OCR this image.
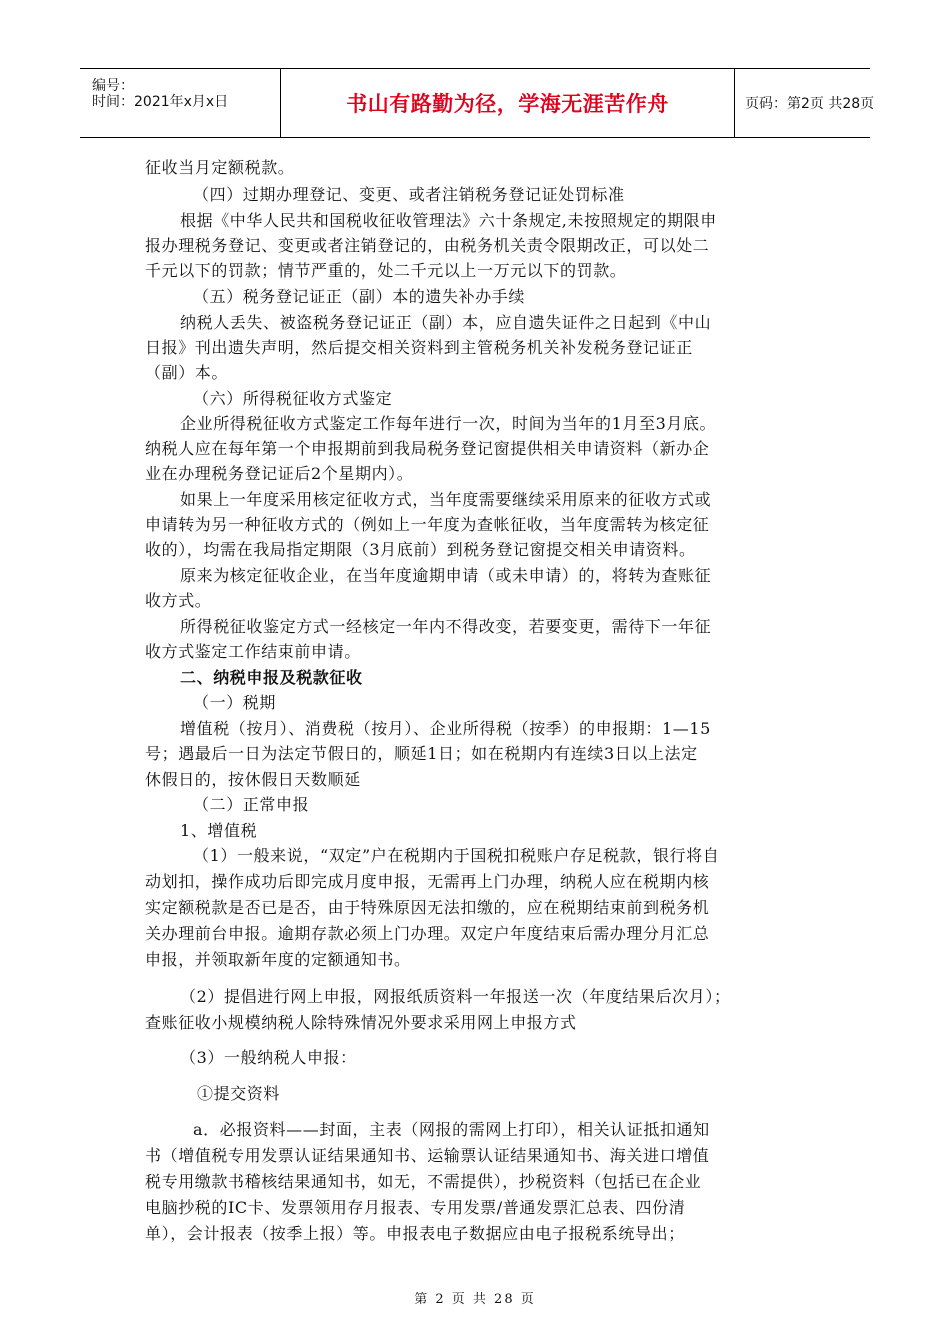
编号：
时间：2021年x月x日	书山有路勤为径，学海无涯苦作舟	页码：第2页 共28页
征收当月定额税款。
（四）过期办理登记、变更、或者注销税务登记证处罚标准
根据《中华人民共和国税收征收管理法》六十条规定,未按照规定的期限申
报办理税务登记、变更或者注销登记的，由税务机关责令限期改正，可以处二
千元以下的罚款；情节严重的，处二千元以上一万元以下的罚款。
（五）税务登记证正（副）本的遗失补办手续
纳税人丢失、被盗税务登记证正（副）本，应自遗失证件之日起到《中山
日报》刊出遗失声明，然后提交相关资料到主管税务机关补发税务登记证正
（副）本。
（六）所得税征收方式鉴定
企业所得税征收方式鉴定工作每年进行一次，时间为当年的1月至3月底。
纳税人应在每年第一个申报期前到我局税务登记窗提供相关申请资料（新办企
业在办理税务登记证后2个星期内）。
如果上一年度采用核定征收方式，当年度需要继续采用原来的征收方式或
申请转为另一种征收方式的（例如上一年度为查帐征收，当年度需转为核定征
收的），均需在我局指定期限（3月底前）到税务登记窗提交相关申请资料。
原来为核定征收企业，在当年度逾期申请（或未申请）的，将转为查账征
收方式。
所得税征收鉴定方式一经核定一年内不得改变，若要变更，需待下一年征
收方式鉴定工作结束前申请。
二、纳税申报及税款征收
（一）税期
增值税（按月）、消费税（按月）、企业所得税（按季）的申报期：1—15
号；遇最后一日为法定节假日的，顺延1日；如在税期内有连续3日以上法定
休假日的，按休假日天数顺延
（二）正常申报
1、增值税
（1）一般来说，“双定”户在税期内于国税扣税账户存足税款，银行将自
动划扣，操作成功后即完成月度申报，无需再上门办理，纳税人应在税期内核
实定额税款是否已是否，由于特殊原因无法扣缴的，应在税期结束前到税务机
关办理前台申报。逾期存款必须上门办理。双定户年度结束后需办理分月汇总
申报，并领取新年度的定额通知书。
（2）提倡进行网上申报，网报纸质资料一年报送一次（年度结果后次月）；
查账征收小规模纳税人除特殊情况外要求采用网上申报方式
（3）一般纳税人申报：
①提交资料
a．必报资料——封面，主表（网报的需网上打印），相关认证抵扣通知
书（增值税专用发票认证结果通知书、运输票认证结果通知书、海关进口增值
税专用缴款书稽核结果通知书，如无，不需提供），抄税资料（包括已在企业
电脑抄税的IC卡、发票领用存月报表、专用发票/普通发票汇总表、四份清
单），会计报表（按季上报）等。申报表电子数据应由电子报税系统导出；
第 2 页 共 28 页
